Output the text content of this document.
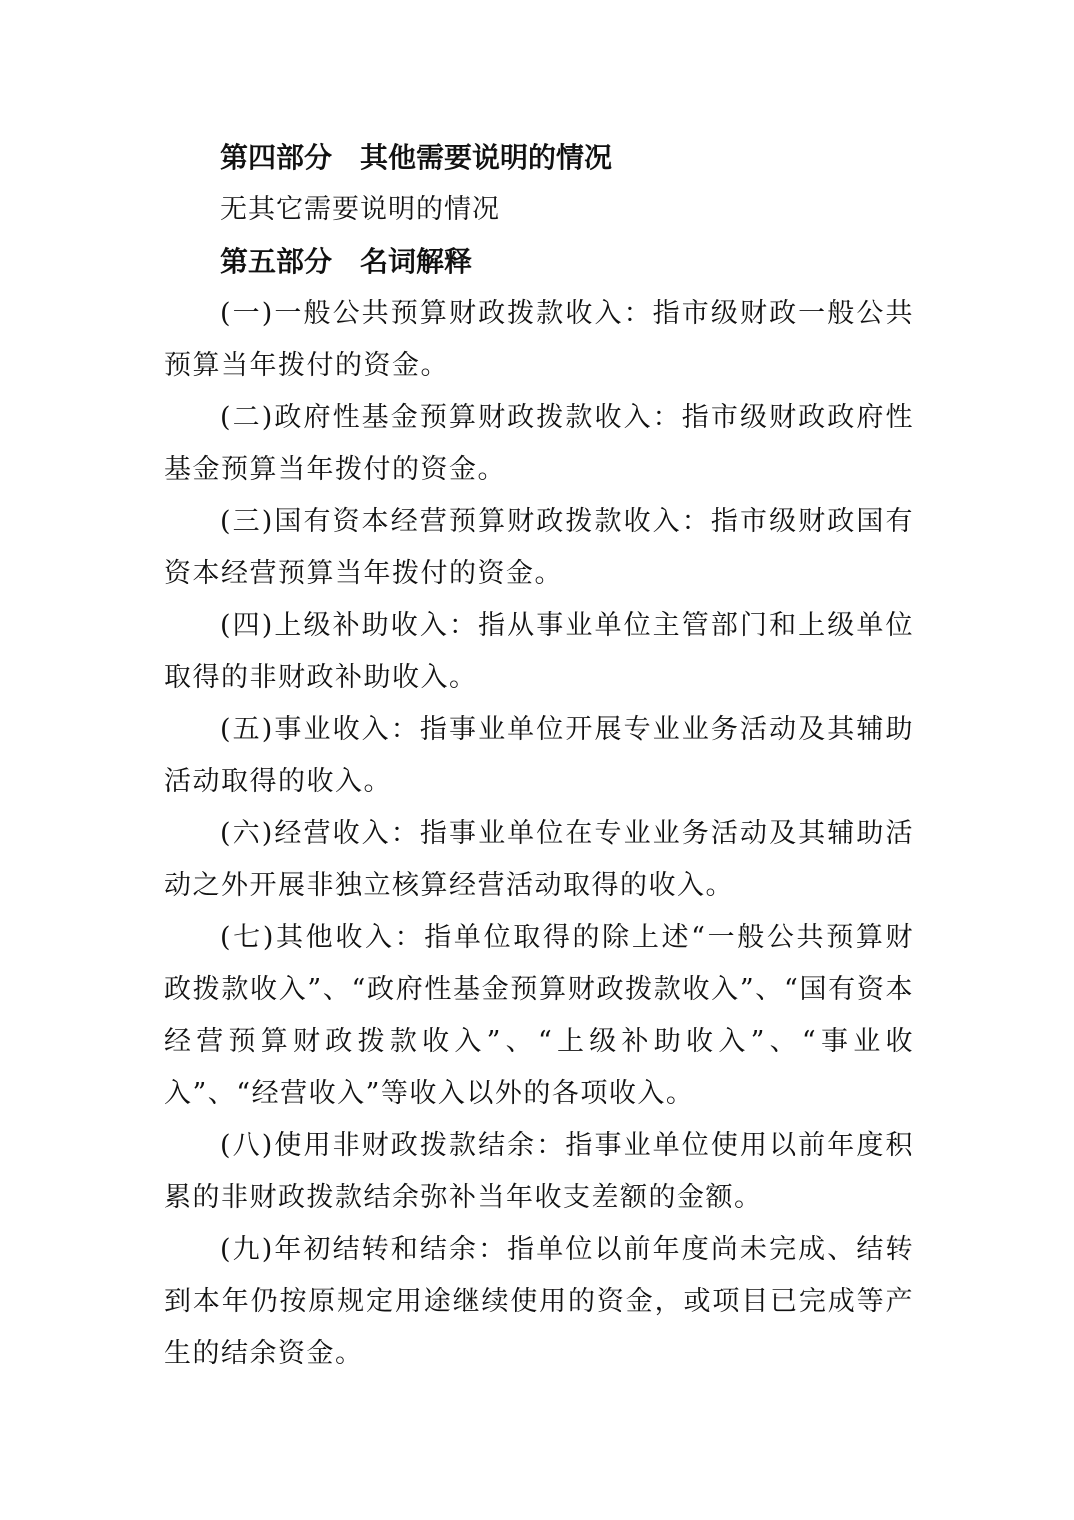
第四部分　其他需要说明的情况

无其它需要说明的情况

第五部分　名词解释

(一)一般公共预算财政拨款收入：指市级财政一般公共预算当年拨付的资金。

(二)政府性基金预算财政拨款收入：指市级财政政府性基金预算当年拨付的资金。

(三)国有资本经营预算财政拨款收入：指市级财政国有资本经营预算当年拨付的资金。

(四)上级补助收入：指从事业单位主管部门和上级单位取得的非财政补助收入。

(五)事业收入：指事业单位开展专业业务活动及其辅助活动取得的收入。

(六)经营收入：指事业单位在专业业务活动及其辅助活动之外开展非独立核算经营活动取得的收入。

(七)其他收入：指单位取得的除上述“一般公共预算财政拨款收入”、“政府性基金预算财政拨款收入”、“国有资本经营预算财政拨款收入”、“上级补助收入”、“事业收入”、“经营收入”等收入以外的各项收入。

(八)使用非财政拨款结余：指事业单位使用以前年度积累的非财政拨款结余弥补当年收支差额的金额。

(九)年初结转和结余：指单位以前年度尚未完成、结转到本年仍按原规定用途继续使用的资金，或项目已完成等产生的结余资金。
